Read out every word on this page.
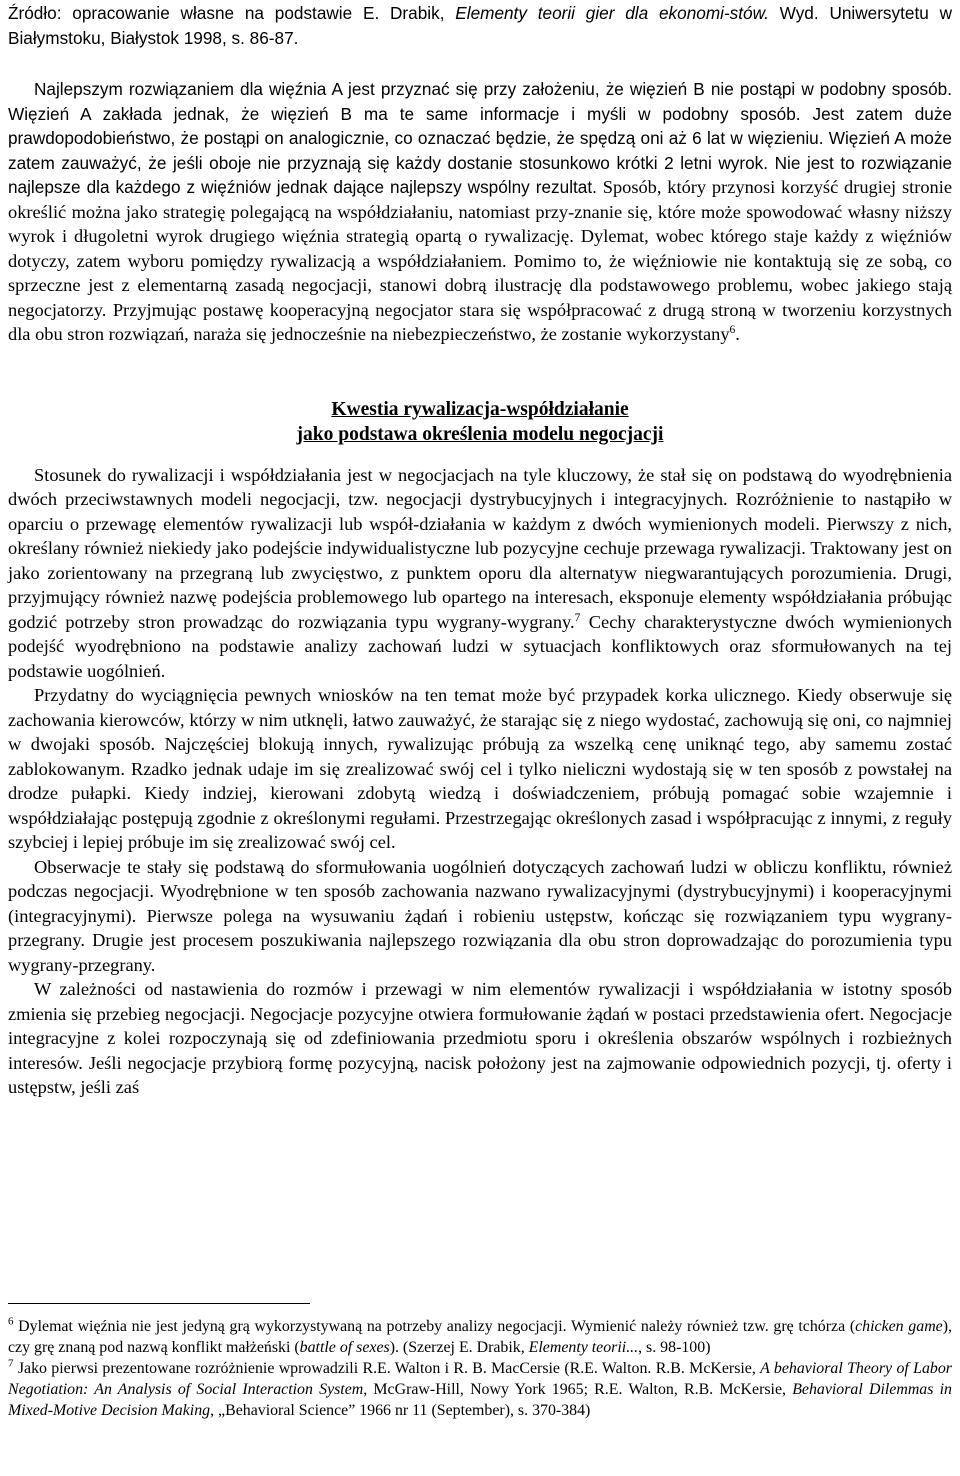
Źródło: opracowanie własne na podstawie E. Drabik, Elementy teorii gier dla ekonomi-stów. Wyd. Uniwersytetu w Białymstoku, Białystok 1998, s. 86-87.

Najlepszym rozwiązaniem dla więźnia A jest przyznać się przy założeniu, że więzień B nie postąpi w podobny sposób. Więzień A zakłada jednak, że więzień B ma te same informacje i myśli w podobny sposób. Jest zatem duże prawdopodobieństwo, że postąpi on analogicznie, co oznaczać będzie, że spędzą oni aż 6 lat w więzieniu. Więzień A może zatem zauważyć, że jeśli oboje nie przyznają się każdy dostanie stosunkowo krótki 2 letni wyrok. Nie jest to rozwiązanie najlepsze dla każdego z więźniów jednak dające najlepszy wspólny rezultat. Sposób, który przynosi korzyść drugiej stronie określić można jako strategię polegającą na współdziałaniu, natomiast przy-znanie się, które może spowodować własny niższy wyrok i długoletni wyrok drugiego więźnia strategią opartą o rywalizację. Dylemat, wobec którego staje każdy z więźniów dotyczy, zatem wyboru pomiędzy rywalizacją a współdziałaniem. Pomimo to, że więźniowie nie kontaktują się ze sobą, co sprzeczne jest z elementarną zasadą negocjacji, stanowi dobrą ilustrację dla podstawowego problemu, wobec jakiego stają negocjatorzy. Przyjmując postawę kooperacyjną negocjator stara się współpracować z drugą stroną w tworzeniu korzystnych dla obu stron rozwiązań, naraża się jednocześnie na niebezpieczeństwo, że zostanie wykorzystany$^6$.

Kwestia rywalizacja-współdziałanie

jako podstawa określenia modelu negocjacji

Stosunek do rywalizacji i współdziałania jest w negocjacjach na tyle kluczowy, że stał się on podstawą do wyodrębnienia dwóch przeciwstawnych modeli negocjacji, tzw. negocjacji dystrybucyjnych i integracyjnych. Rozróżnienie to nastąpiło w oparciu o przewagę elementów rywalizacji lub współ-działania w każdym z dwóch wymienionych modeli. Pierwszy z nich, określany również niekiedy jako podejście indywidualistyczne lub pozycyjne cechuje przewaga rywalizacji. Traktowany jest on jako zorientowany na przegraną lub zwycięstwo, z punktem oporu dla alternatyw niegwarantujących porozumienia. Drugi, przyjmujący również nazwę podejścia problemowego lub opartego na interesach, eksponuje elementy współdziałania próbując godzić potrzeby stron prowadząc do rozwiązania typu wygrany-wygrany.$^7$ Cechy charakterystyczne dwóch wymienionych podejść wyodrębniono na podstawie analizy zachowań ludzi w sytuacjach konfliktowych oraz sformułowanych na tej podstawie uogólnień.

Przydatny do wyciągnięcia pewnych wniosków na ten temat może być przypadek korka ulicznego. Kiedy obserwuje się zachowania kierowców, którzy w nim utknęli, łatwo zauważyć, że starając się z niego wydostać, zachowują się oni, co najmniej w dwojaki sposób. Najczęściej blokują innych, rywalizując próbują za wszelką cenę uniknąć tego, aby samemu zostać zablokowanym. Rzadko jednak udaje im się zrealizować swój cel i tylko nieliczni wydostają się w ten sposób z powstałej na drodze pułapki. Kiedy indziej, kierowani zdobytą wiedzą i doświadczeniem, próbują pomagać sobie wzajemnie i współdziałając postępują zgodnie z określonymi regułami. Przestrzegając określonych zasad i współpracując z innymi, z reguły szybciej i lepiej próbuje im się zrealizować swój cel.

Obserwacje te stały się podstawą do sformułowania uogólnień dotyczących zachowań ludzi w obliczu konfliktu, również podczas negocjacji. Wyodrębnione w ten sposób zachowania nazwano rywalizacyjnymi (dystrybucyjnymi) i kooperacyjnymi (integracyjnymi). Pierwsze polega na wysuwaniu żądań i robieniu ustępstw, kończąc się rozwiązaniem typu wygrany-przegrany. Drugie jest procesem poszukiwania najlepszego rozwiązania dla obu stron doprowadzając do porozumienia typu wygrany-przegrany.

W zależności od nastawienia do rozmów i przewagi w nim elementów rywalizacji i współdziałania w istotny sposób zmienia się przebieg negocjacji. Negocjacje pozycyjne otwiera formułowanie żądań w postaci przedstawienia ofert. Negocjacje integracyjne z kolei rozpoczynają się od zdefiniowania przedmiotu sporu i określenia obszarów wspólnych i rozbieżnych interesów. Jeśli negocjacje przybiorą formę pozycyjną, nacisk położony jest na zajmowanie odpowiednich pozycji, tj. oferty i ustępstw, jeśli zaś

$^6$ Dylemat więźnia nie jest jedyną grą wykorzystywaną na potrzeby analizy negocjacji. Wymienić należy również tzw. grę tchórza (chicken game), czy grę znaną pod nazwą konflikt małżeński (battle of sexes). (Szerzej E. Drabik, Elementy teorii..., s. 98-100)

$^7$ Jako pierwsi prezentowane rozróżnienie wprowadzili R.E. Walton i R. B. MacCersie (R.E. Walton. R.B. McKersie, A behavioral Theory of Labor Negotiation: An Analysis of Social Interaction System, McGraw-Hill, Nowy York 1965; R.E. Walton, R.B. McKersie, Behavioral Dilemmas in Mixed-Motive Decision Making, „Behavioral Science” 1966 nr 11 (September), s. 370-384)
